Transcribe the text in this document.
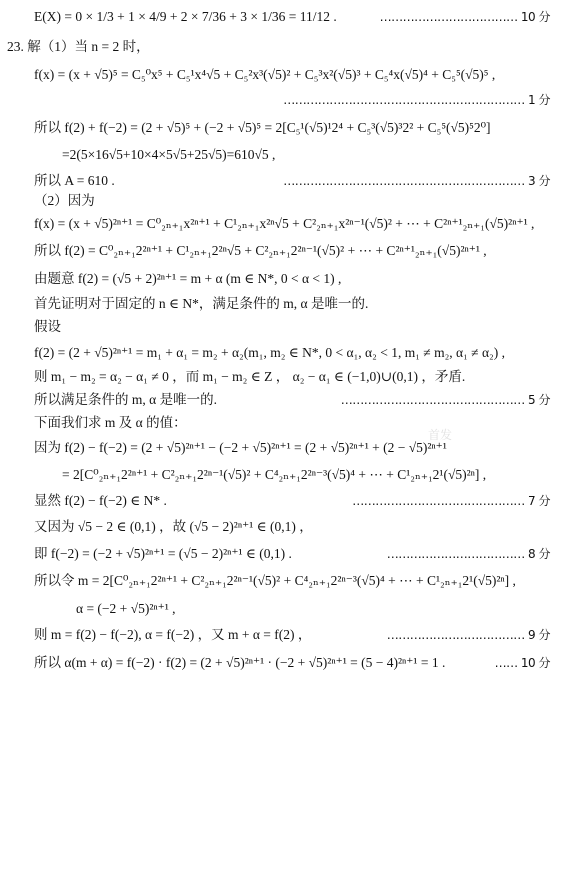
E(X) = 0 × 1/3 + 1 × 4/9 + 2 × 7/36 + 3 × 1/36 = 11/12 .	……………………………… 10 分
23. 解（1）当 n = 2 时，
f(x) = (x + √5)⁵ = C₅⁰x⁵ + C₅¹x⁴√5 + C₅²x³(√5)² + C₅³x²(√5)³ + C₅⁴x(√5)⁴ + C₅⁵(√5)⁵ ,
……………………………………………………… 1 分
所以 f(2) + f(−2) = (2 + √5)⁵ + (−2 + √5)⁵ = 2[C₅¹(√5)¹2⁴ + C₅³(√5)³2² + C₅⁵(√5)⁵2⁰]
=2(5×16√5+10×4×5√5+25√5)=610√5 ,
所以 A = 610 .	……………………………………………………… 3 分
（2）因为
f(x) = (x + √5)²ⁿ⁺¹ = C⁰₂ₙ₊₁x²ⁿ⁺¹ + C¹₂ₙ₊₁x²ⁿ√5 + C²₂ₙ₊₁x²ⁿ⁻¹(√5)² + ⋯ + C²ⁿ⁺¹₂ₙ₊₁(√5)²ⁿ⁺¹ ,
所以 f(2) = C⁰₂ₙ₊₁2²ⁿ⁺¹ + C¹₂ₙ₊₁2²ⁿ√5 + C²₂ₙ₊₁2²ⁿ⁻¹(√5)² + ⋯ + C²ⁿ⁺¹₂ₙ₊₁(√5)²ⁿ⁺¹ ,
由题意 f(2) = (√5 + 2)²ⁿ⁺¹ = m + α (m ∈ N*, 0 < α < 1) ,
首先证明对于固定的 n ∈ N*，满足条件的 m, α 是唯一的.
假设
f(2) = (2 + √5)²ⁿ⁺¹ = m₁ + α₁ = m₂ + α₂(m₁, m₂ ∈ N*, 0 < α₁, α₂ < 1, m₁ ≠ m₂, α₁ ≠ α₂) ,
则 m₁ − m₂ = α₂ − α₁ ≠ 0 ，而 m₁ − m₂ ∈ Z ， α₂ − α₁ ∈ (−1,0)∪(0,1) ，矛盾.
所以满足条件的 m, α 是唯一的.	………………………………………… 5 分
下面我们求 m 及 α 的值：
因为 f(2) − f(−2) = (2 + √5)²ⁿ⁺¹ − (−2 + √5)²ⁿ⁺¹ = (2 + √5)²ⁿ⁺¹ + (2 − √5)²ⁿ⁺¹
= 2[C⁰₂ₙ₊₁2²ⁿ⁺¹ + C²₂ₙ₊₁2²ⁿ⁻¹(√5)² + C⁴₂ₙ₊₁2²ⁿ⁻³(√5)⁴ + ⋯ + C¹₂ₙ₊₁2¹(√5)²ⁿ] ,
显然 f(2) − f(−2) ∈ N* .	……………………………………… 7 分
又因为 √5 − 2 ∈ (0,1) ，故 (√5 − 2)²ⁿ⁺¹ ∈ (0,1) ，
即 f(−2) = (−2 + √5)²ⁿ⁺¹ = (√5 − 2)²ⁿ⁺¹ ∈ (0,1) .	……………………………… 8 分
所以令 m = 2[C⁰₂ₙ₊₁2²ⁿ⁺¹ + C²₂ₙ₊₁2²ⁿ⁻¹(√5)² + C⁴₂ₙ₊₁2²ⁿ⁻³(√5)⁴ + ⋯ + C¹₂ₙ₊₁2¹(√5)²ⁿ] ,
α = (−2 + √5)²ⁿ⁺¹ ,
则 m = f(2) − f(−2), α = f(−2) ，又 m + α = f(2) ，	……………………………… 9 分
所以 α(m + α) = f(−2) · f(2) = (2 + √5)²ⁿ⁺¹ · (−2 + √5)²ⁿ⁺¹ = (5 − 4)²ⁿ⁺¹ = 1 .	…… 10 分
首发
